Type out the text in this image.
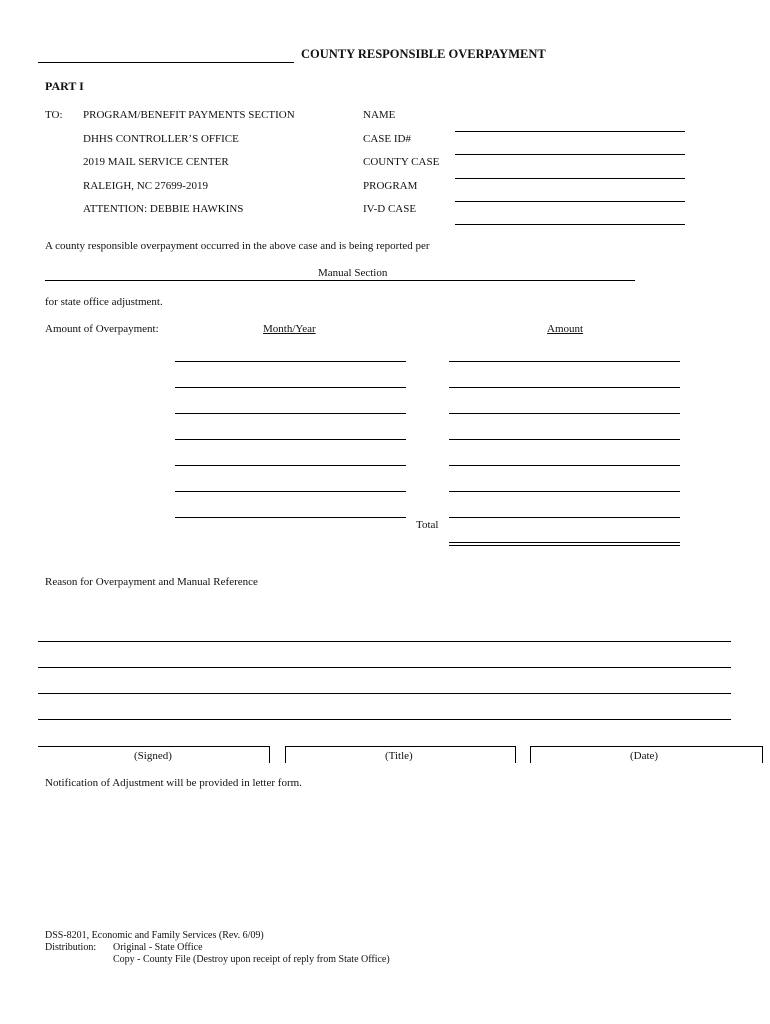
COUNTY RESPONSIBLE OVERPAYMENT
PART I
TO: PROGRAM/BENEFIT PAYMENTS SECTION
DHHS CONTROLLER’S OFFICE
2019 MAIL SERVICE CENTER
RALEIGH, NC 27699-2019
ATTENTION: DEBBIE HAWKINS
NAME
CASE ID#
COUNTY CASE
PROGRAM
IV-D CASE
A county responsible overpayment occurred in the above case and is being reported per
Manual Section
for state office adjustment.
Amount of Overpayment:	Month/Year	Amount
Total
Reason for Overpayment and Manual Reference
(Signed)	(Title)	(Date)
Notification of Adjustment will be provided in letter form.
DSS-8201, Economic and Family Services (Rev. 6/09)
Distribution: Original - State Office
Copy - County File (Destroy upon receipt of reply from State Office)
